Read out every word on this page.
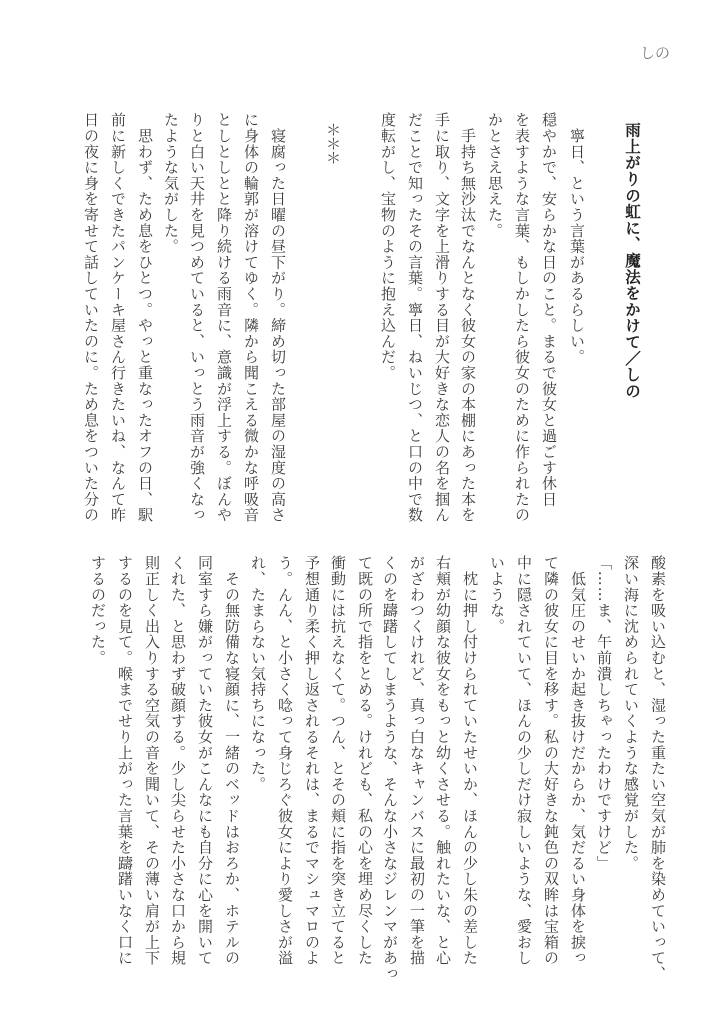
しの
雨上がりの虹に、魔法をかけて／しの
＊＊＊	　寧日、という言葉があるらしい。
穏やかで、安らかな日のこと。まるで彼女と過ごす休日
を表すような言葉、もしかしたら彼女のために作られたの
かとさえ思えた。
　手持ち無沙汰でなんとなく彼女の家の本棚にあった本を
手に取り、文字を上滑りする目が大好きな恋人の名を掴ん
だことで知ったその言葉。寧日、ねいじつ、と口の中で数
度転がし、宝物のように抱え込んだ。
　寝腐った日曜の昼下がり。締め切った部屋の湿度の高さ
に身体の輪郭が溶けてゆく。隣から聞こえる微かな呼吸音
としとしとと降り続ける雨音に、意識が浮上する。ぼんや
りと白い天井を見つめていると、いっとう雨音が強くなっ
たような気がした。
　思わず、ため息をひとつ。やっと重なったオフの日、駅
前に新しくできたパンケーキ屋さん行きたいね、なんて昨
日の夜に身を寄せて話していたのに。ため息をついた分の
酸素を吸い込むと、湿った重たい空気が肺を染めていって、
深い海に沈められていくような感覚がした。
「……ま、午前潰しちゃったわけですけど」
　低気圧のせいか起き抜けだからか、気だるい身体を捩っ
て隣の彼女に目を移す。私の大好きな鈍色の双眸は宝箱の
中に隠されていて、ほんの少しだけ寂しいような、愛おし
いような。
　枕に押し付けられていたせいか、ほんの少し朱の差した
右頬が幼顔な彼女をもっと幼くさせる。触れたいな、と心
がざわつくけれど、真っ白なキャンバスに最初の一筆を描
くのを躊躇してしまうような、そんな小さなジレンマがあっ
て既の所で指をとめる。けれども、私の心を埋め尽くした
衝動には抗えなくて。つん、とその頬に指を突き立てると
予想通り柔く押し返されるそれは、まるでマシュマロのよ
う。んん、と小さく唸って身じろぐ彼女により愛しさが溢
れ、たまらない気持ちになった。
　その無防備な寝顔に、一緒のベッドはおろか、ホテルの
同室すら嫌がっていた彼女がこんなにも自分に心を開いて
くれた、と思わず破顔する。少し尖らせた小さな口から規
則正しく出入りする空気の音を聞いて、その薄い肩が上下
するのを見て。喉までせり上がった言葉を躊躇いなく口に
するのだった。
